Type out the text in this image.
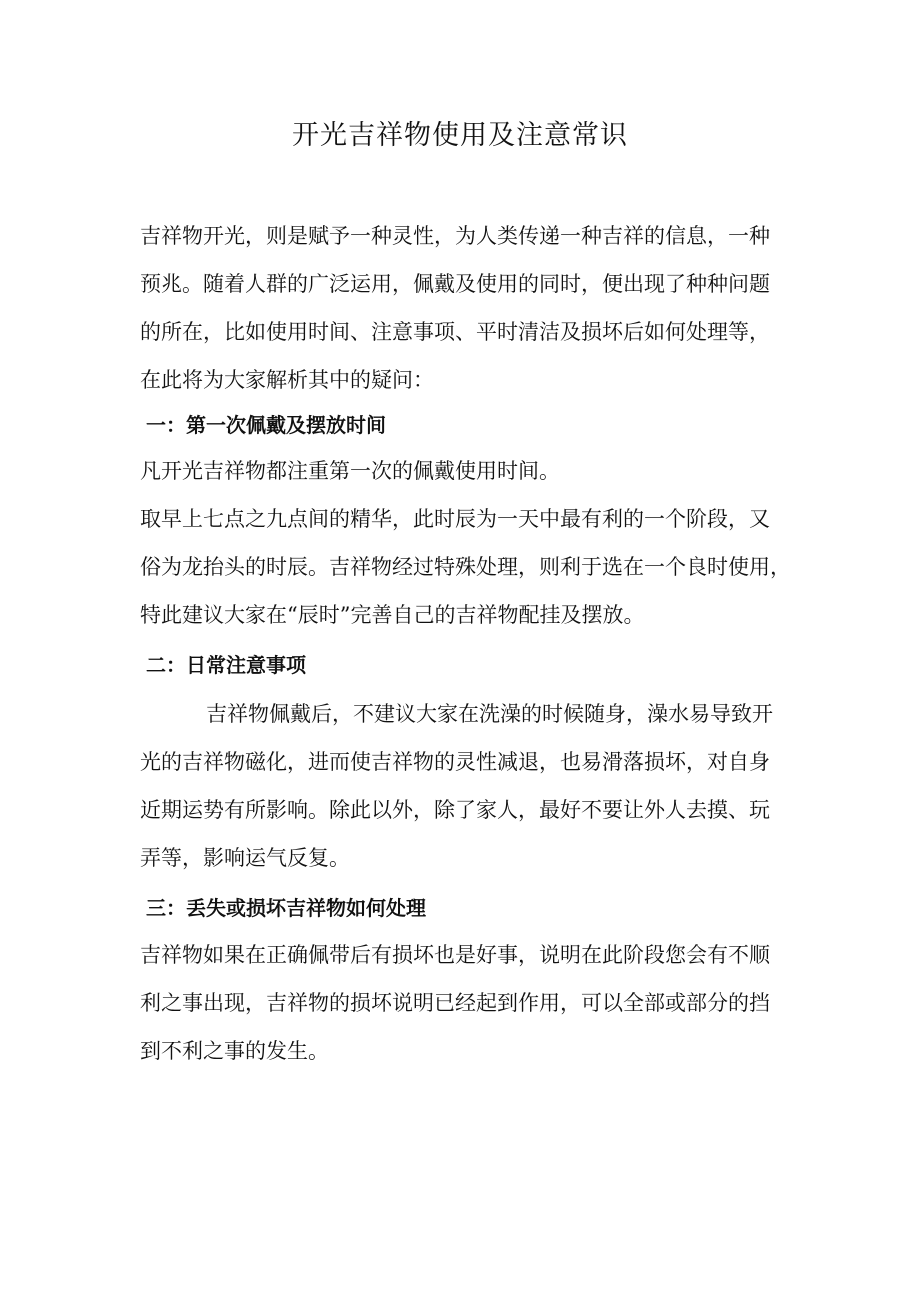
开光吉祥物使用及注意常识
吉祥物开光，则是赋予一种灵性，为人类传递一种吉祥的信息，一种
预兆。随着人群的广泛运用，佩戴及使用的同时，便出现了种种问题
的所在，比如使用时间、注意事项、平时清洁及损坏后如何处理等，
在此将为大家解析其中的疑问：
一：第一次佩戴及摆放时间
凡开光吉祥物都注重第一次的佩戴使用时间。
取早上七点之九点间的精华，此时辰为一天中最有利的一个阶段，又
俗为龙抬头的时辰。吉祥物经过特殊处理，则利于选在一个良时使用，
特此建议大家在“辰时”完善自己的吉祥物配挂及摆放。
二：日常注意事项
吉祥物佩戴后，不建议大家在洗澡的时候随身，澡水易导致开
光的吉祥物磁化，进而使吉祥物的灵性减退，也易滑落损坏，对自身
近期运势有所影响。除此以外，除了家人，最好不要让外人去摸、玩
弄等，影响运气反复。
三：丢失或损坏吉祥物如何处理
吉祥物如果在正确佩带后有损坏也是好事，说明在此阶段您会有不顺
利之事出现，吉祥物的损坏说明已经起到作用，可以全部或部分的挡
到不利之事的发生。
